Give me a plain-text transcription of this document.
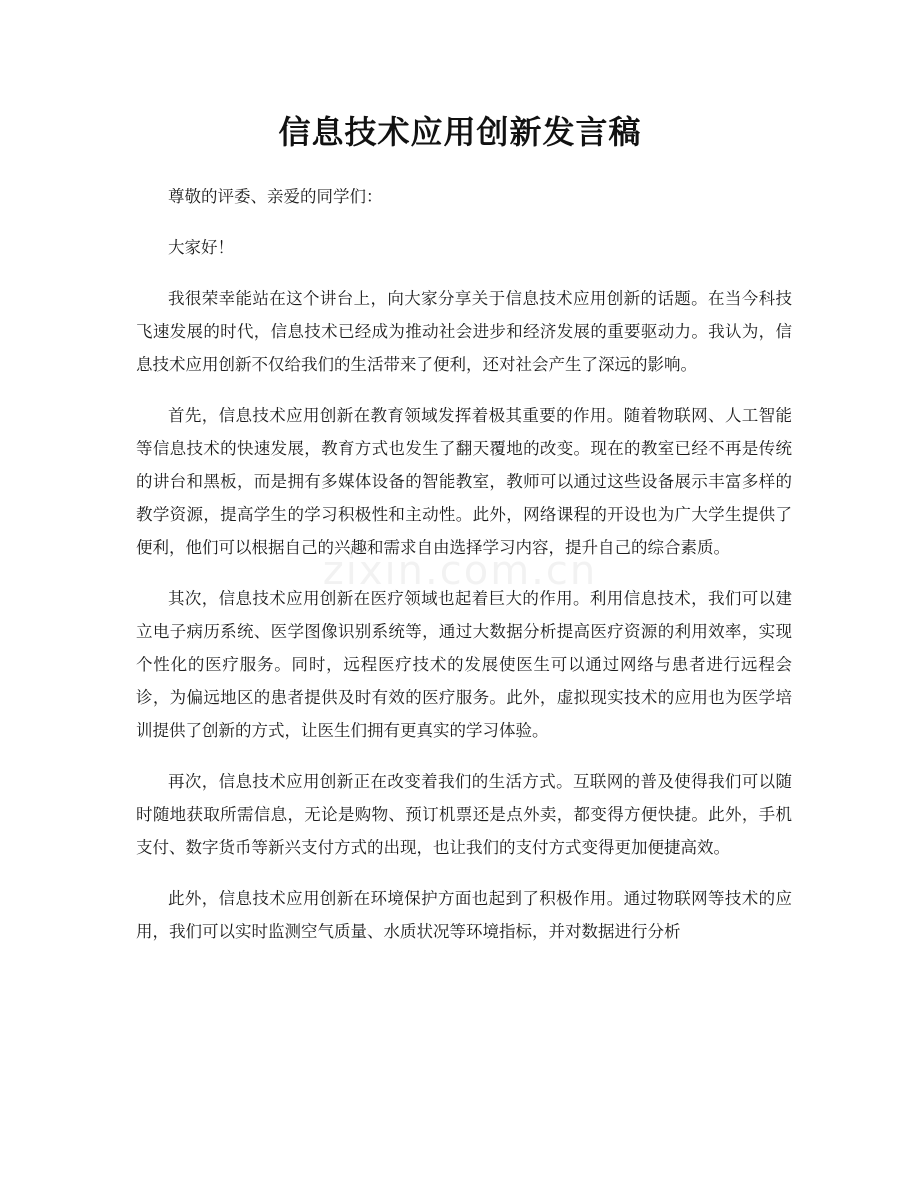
信息技术应用创新发言稿

尊敬的评委、亲爱的同学们：

大家好！

我很荣幸能站在这个讲台上，向大家分享关于信息技术应用创新的话题。在当今科技飞速发展的时代，信息技术已经成为推动社会进步和经济发展的重要驱动力。我认为，信息技术应用创新不仅给我们的生活带来了便利，还对社会产生了深远的影响。

首先，信息技术应用创新在教育领域发挥着极其重要的作用。随着物联网、人工智能等信息技术的快速发展，教育方式也发生了翻天覆地的改变。现在的教室已经不再是传统的讲台和黑板，而是拥有多媒体设备的智能教室，教师可以通过这些设备展示丰富多样的教学资源，提高学生的学习积极性和主动性。此外，网络课程的开设也为广大学生提供了便利，他们可以根据自己的兴趣和需求自由选择学习内容，提升自己的综合素质。

其次，信息技术应用创新在医疗领域也起着巨大的作用。利用信息技术，我们可以建立电子病历系统、医学图像识别系统等，通过大数据分析提高医疗资源的利用效率，实现个性化的医疗服务。同时，远程医疗技术的发展使医生可以通过网络与患者进行远程会诊，为偏远地区的患者提供及时有效的医疗服务。此外，虚拟现实技术的应用也为医学培训提供了创新的方式，让医生们拥有更真实的学习体验。

再次，信息技术应用创新正在改变着我们的生活方式。互联网的普及使得我们可以随时随地获取所需信息，无论是购物、预订机票还是点外卖，都变得方便快捷。此外，手机支付、数字货币等新兴支付方式的出现，也让我们的支付方式变得更加便捷高效。

此外，信息技术应用创新在环境保护方面也起到了积极作用。通过物联网等技术的应用，我们可以实时监测空气质量、水质状况等环境指标，并对数据进行分析

zixin.com.cn
